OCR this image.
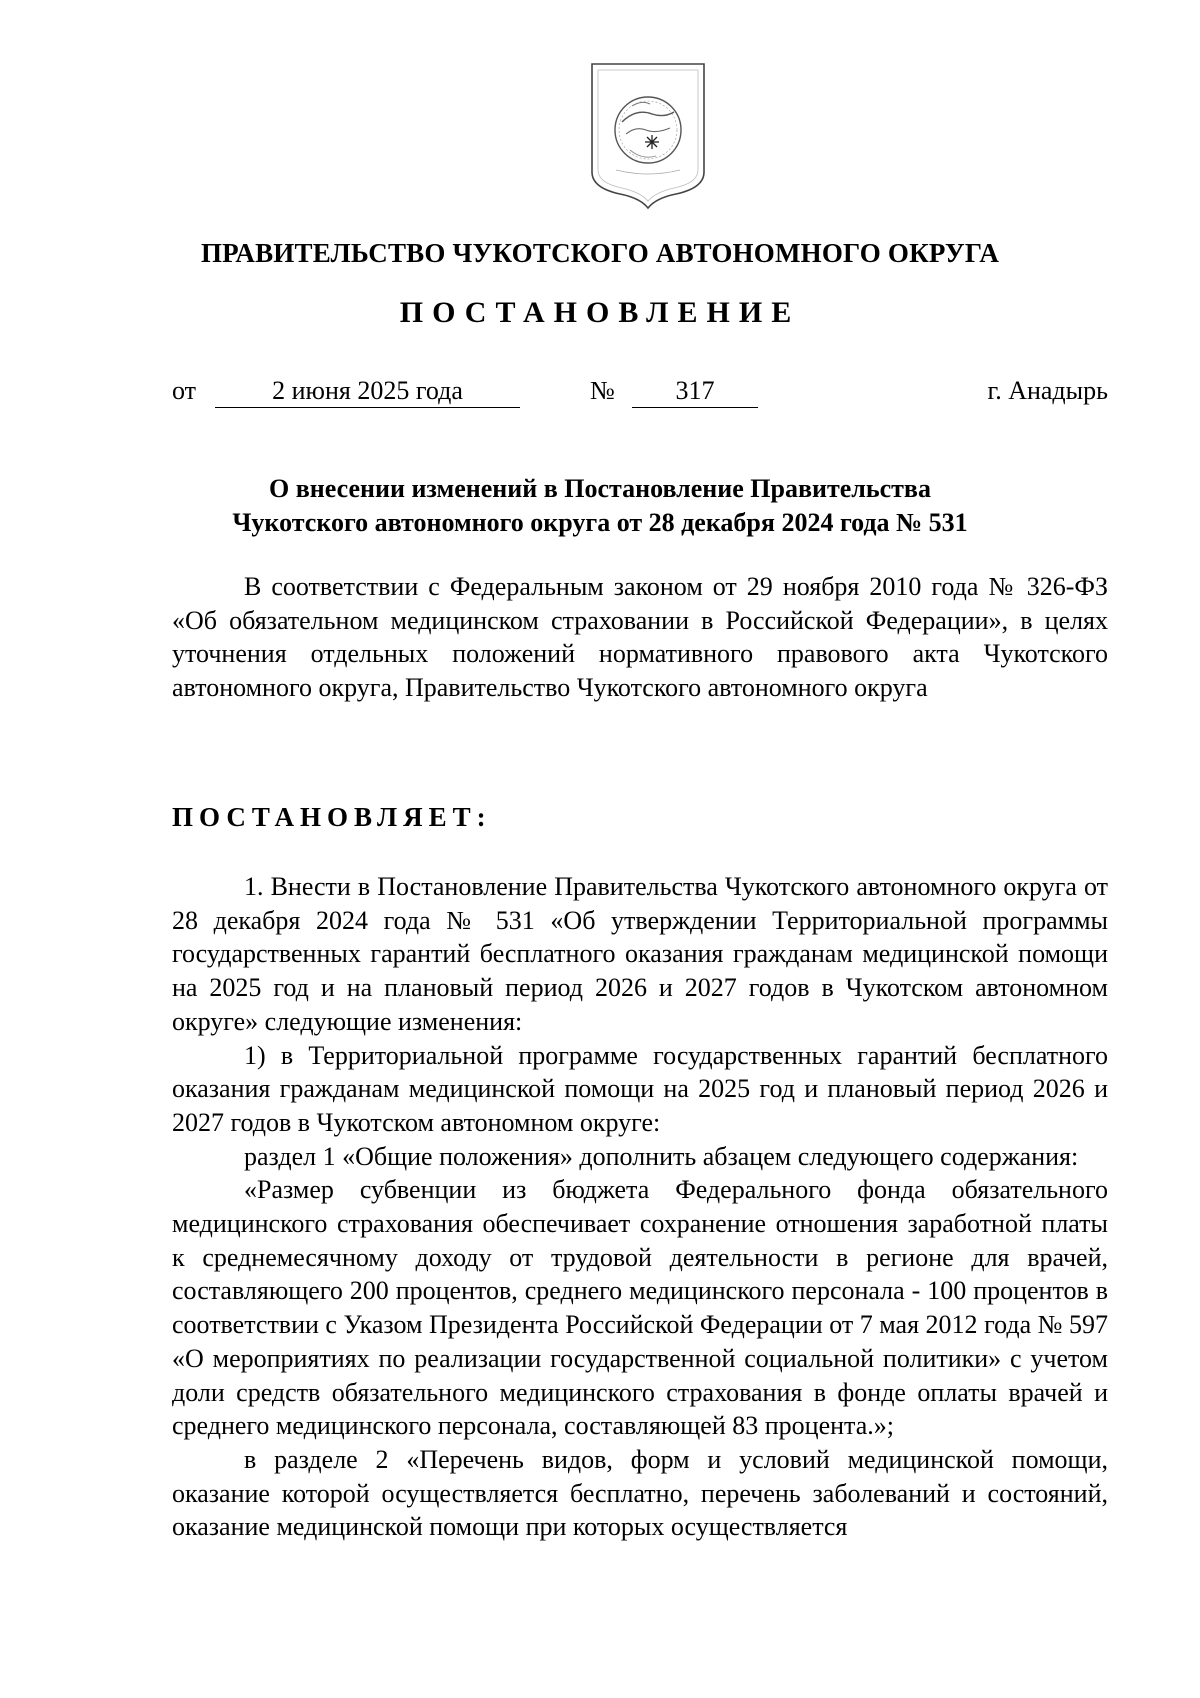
ПРАВИТЕЛЬСТВО ЧУКОТСКОГО АВТОНОМНОГО ОКРУГА
ПОСТАНОВЛЕНИЕ
от	2 июня 2025 года	№	317	г. Анадырь
О внесении изменений в Постановление Правительства
Чукотского автономного округа от 28 декабря 2024 года № 531

В соответствии с Федеральным законом от 29 ноября 2010 года № 326-ФЗ «Об обязательном медицинском страховании в Российской Федерации», в целях уточнения отдельных положений нормативного правового акта Чукотского автономного округа, Правительство Чукотского автономного округа

ПОСТАНОВЛЯЕТ:

1. Внести в Постановление Правительства Чукотского автономного округа от 28 декабря 2024 года № 531 «Об утверждении Территориальной программы государственных гарантий бесплатного оказания гражданам медицинской помощи на 2025 год и на плановый период 2026 и 2027 годов в Чукотском автономном округе» следующие изменения:

1) в Территориальной программе государственных гарантий бесплатного оказания гражданам медицинской помощи на 2025 год и плановый период 2026 и 2027 годов в Чукотском автономном округе:

раздел 1 «Общие положения» дополнить абзацем следующего содержания:

«Размер субвенции из бюджета Федерального фонда обязательного медицинского страхования обеспечивает сохранение отношения заработной платы к среднемесячному доходу от трудовой деятельности в регионе для врачей, составляющего 200 процентов, среднего медицинского персонала - 100 процентов в соответствии с Указом Президента Российской Федерации от 7 мая 2012 года № 597 «О мероприятиях по реализации государственной социальной политики» с учетом доли средств обязательного медицинского страхования в фонде оплаты врачей и среднего медицинского персонала, составляющей 83 процента.»;

в разделе 2 «Перечень видов, форм и условий медицинской помощи, оказание которой осуществляется бесплатно, перечень заболеваний и состояний, оказание медицинской помощи при которых осуществляется
